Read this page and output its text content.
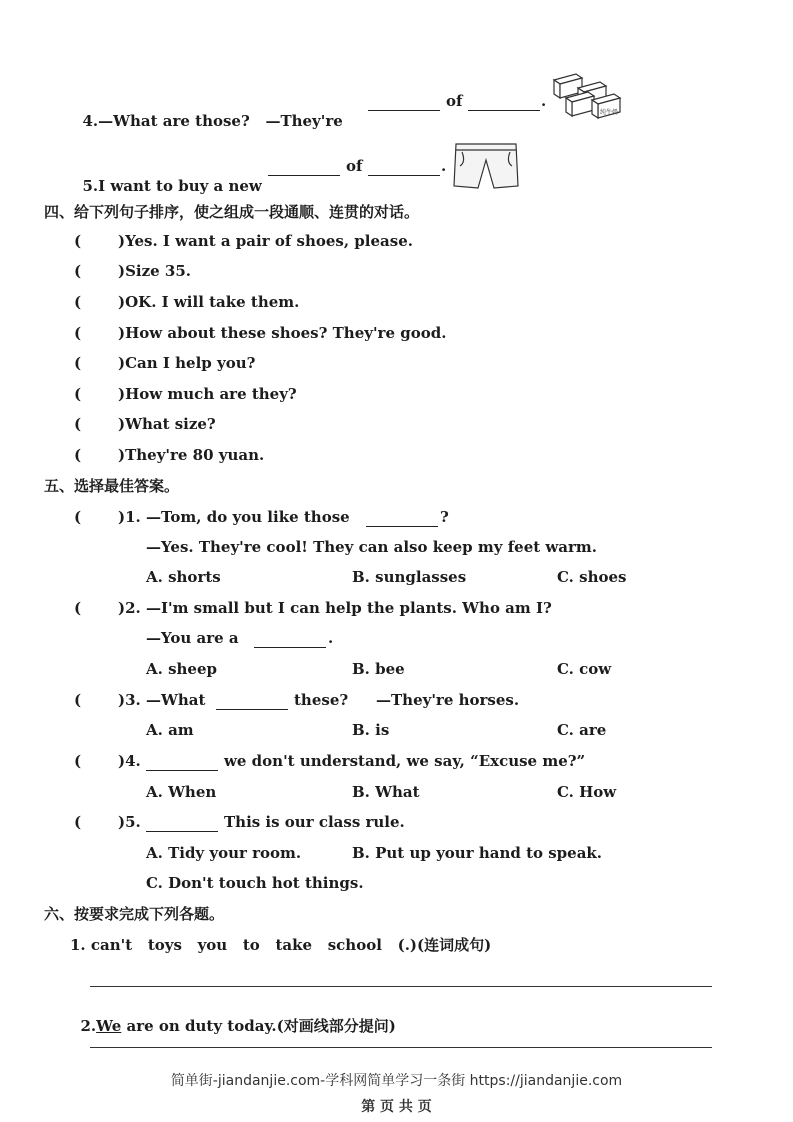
4.—What are those? —They're

of	.
纯牛奶

5.I want to buy a new

of	.
四、给下列句子排序，使之组成一段通顺、连贯的对话。
( )Yes. I want a pair of shoes, please.
( )Size 35.
( )OK. I will take them.
( )How about these shoes? They're good.
( )Can I help you?
( )How much are they?
( )What size?
( )They're 80 yuan.
五、选择最佳答案。
( )1. —Tom, do you like those	?
—Yes. They're cool! They can also keep my feet warm.
A. shorts	B. sunglasses	C. shoes
( )2. —I'm small but I can help the plants. Who am I?
—You are a	.
A. sheep	B. bee	C. cow
( )3. —What	these? —They're horses.
A. am	B. is	C. are
( )4.	we don't understand, we say, “Excuse me?”
A. When	B. What	C. How
( )5.	This is our class rule.
A. Tidy your room.	B. Put up your hand to speak.
C. Don't touch hot things.
六、按要求完成下列各题。
1. can't   toys   you   to   take   school   (.)(连词成句)

2.We are on duty today.(对画线部分提问)

简单街-jiandanjie.com-学科网简单学习一条街 https://jiandanjie.com
第 页 共 页
